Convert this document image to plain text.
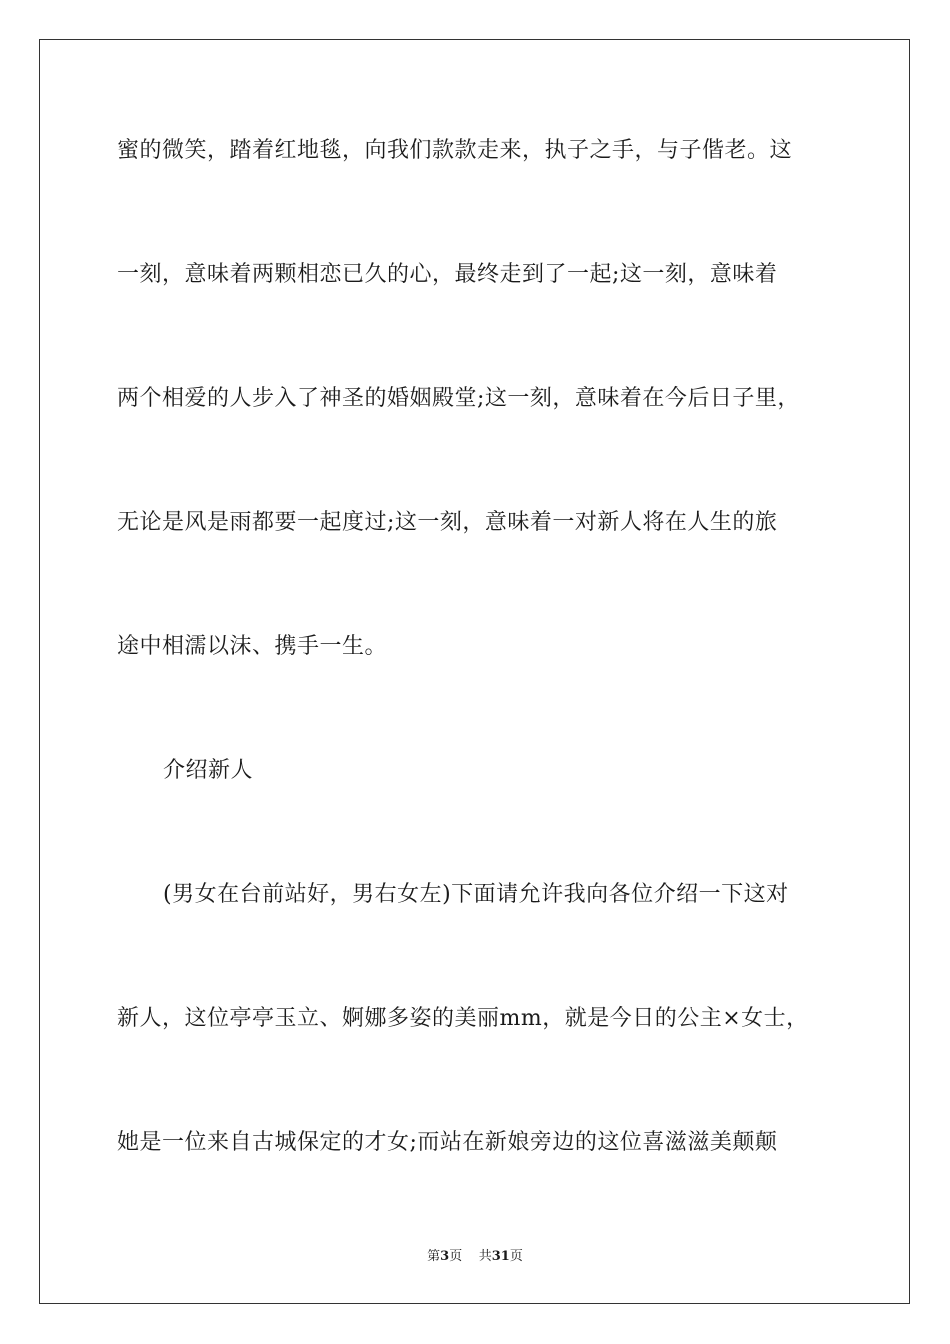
蜜的微笑，踏着红地毯，向我们款款走来，执子之手，与子偕老。这
一刻，意味着两颗相恋已久的心，最终走到了一起;这一刻，意味着
两个相爱的人步入了神圣的婚姻殿堂;这一刻，意味着在今后日子里，
无论是风是雨都要一起度过;这一刻，意味着一对新人将在人生的旅
途中相濡以沫、携手一生。
介绍新人
(男女在台前站好，男右女左)下面请允许我向各位介绍一下这对
新人，这位亭亭玉立、婀娜多姿的美丽mm，就是今日的公主×女士，
她是一位来自古城保定的才女;而站在新娘旁边的这位喜滋滋美颠颠
第3页 共31页
